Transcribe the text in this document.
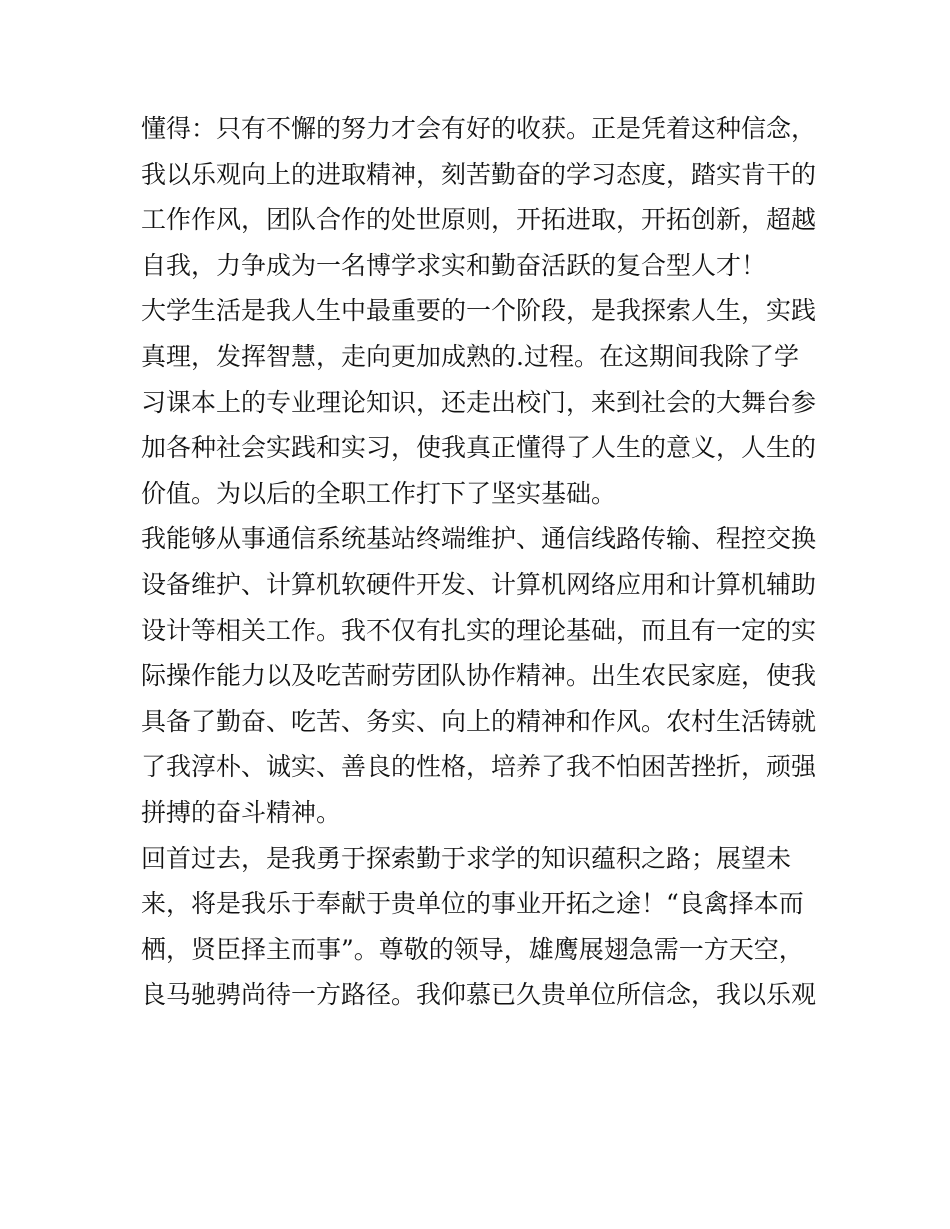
懂得：只有不懈的努力才会有好的收获。正是凭着这种信念，
我以乐观向上的进取精神，刻苦勤奋的学习态度，踏实肯干的
工作作风，团队合作的处世原则，开拓进取，开拓创新，超越
自我，力争成为一名博学求实和勤奋活跃的复合型人才！
大学生活是我人生中最重要的一个阶段，是我探索人生，实践
真理，发挥智慧，走向更加成熟的.过程。在这期间我除了学
习课本上的专业理论知识，还走出校门，来到社会的大舞台参
加各种社会实践和实习，使我真正懂得了人生的意义，人生的
价值。为以后的全职工作打下了坚实基础。
我能够从事通信系统基站终端维护、通信线路传输、程控交换
设备维护、计算机软硬件开发、计算机网络应用和计算机辅助
设计等相关工作。我不仅有扎实的理论基础，而且有一定的实
际操作能力以及吃苦耐劳团队协作精神。出生农民家庭，使我
具备了勤奋、吃苦、务实、向上的精神和作风。农村生活铸就
了我淳朴、诚实、善良的性格，培养了我不怕困苦挫折，顽强
拼搏的奋斗精神。
回首过去，是我勇于探索勤于求学的知识蕴积之路；展望未
来，将是我乐于奉献于贵单位的事业开拓之途！“良禽择本而
栖，贤臣择主而事”。尊敬的领导，雄鹰展翅急需一方天空，
良马驰骋尚待一方路径。我仰慕已久贵单位所信念，我以乐观
